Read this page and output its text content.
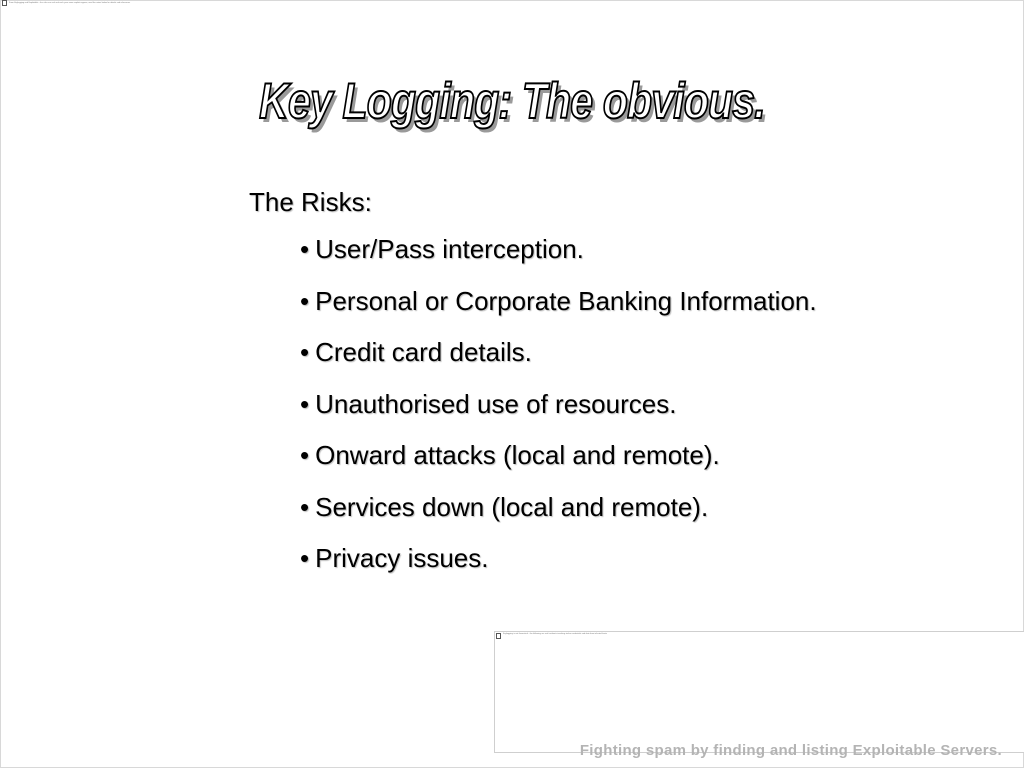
From Keylogging and Exploitable - the risks are real and each year more exploits appear, read the notes below for details and references
Key Logging: The obvious.
The Risks:
• User/Pass interception.
• Personal or Corporate Banking Information.
• Credit card details.
• Unauthorised use of resources.
• Onward attacks (local and remote).
• Services down (local and remote).
• Privacy issues.
Keylogging is not theoretical - the following are real incidents involving stolen credentials and data from infected hosts
Fighting spam by finding and listing Exploitable Servers.
